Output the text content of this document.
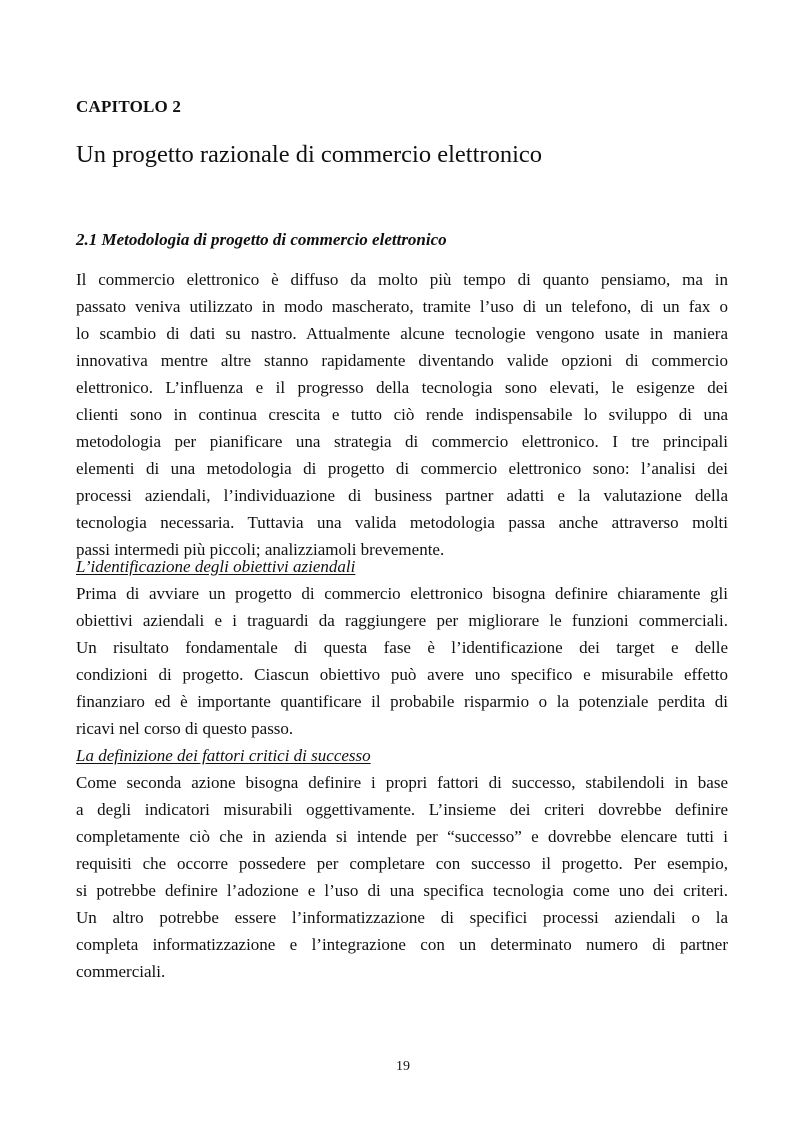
CAPITOLO 2
Un progetto razionale di commercio elettronico
2.1 Metodologia di progetto di commercio elettronico
Il commercio elettronico è diffuso da molto più tempo di quanto pensiamo, ma in
passato veniva utilizzato in modo mascherato, tramite l’uso di un telefono, di un fax o
lo scambio di dati su nastro. Attualmente alcune tecnologie vengono usate in maniera
innovativa mentre altre stanno rapidamente diventando valide opzioni di commercio
elettronico. L’influenza e il progresso della tecnologia sono elevati, le esigenze dei
clienti sono in continua crescita e tutto ciò rende indispensabile lo sviluppo di una
metodologia per pianificare una strategia di commercio elettronico. I tre principali
elementi di una metodologia di progetto di commercio elettronico sono: l’analisi dei
processi aziendali, l’individuazione di business partner adatti e la valutazione della
tecnologia necessaria. Tuttavia una valida metodologia passa anche attraverso molti
passi intermedi più piccoli; analizziamoli brevemente.
L’identificazione degli obiettivi aziendali
Prima di avviare un progetto di commercio elettronico bisogna definire chiaramente gli
obiettivi aziendali e i traguardi da raggiungere per migliorare le funzioni commerciali.
Un risultato fondamentale di questa fase è l’identificazione dei target e delle
condizioni di progetto. Ciascun obiettivo può avere uno specifico e misurabile effetto
finanziaro ed è importante quantificare il probabile risparmio o la potenziale perdita di
ricavi nel corso di questo passo.
La definizione dei fattori critici di successo
Come seconda azione bisogna definire i propri fattori di successo, stabilendoli in base
a degli indicatori misurabili oggettivamente. L’insieme dei criteri dovrebbe definire
completamente ciò che in azienda si intende per “successo” e dovrebbe elencare tutti i
requisiti che occorre possedere per completare con successo il progetto. Per esempio,
si potrebbe definire l’adozione e l’uso di una specifica tecnologia come uno dei criteri.
Un altro potrebbe essere l’informatizzazione di specifici processi aziendali o la
completa informatizzazione e l’integrazione con un determinato numero di partner
commerciali.
19
